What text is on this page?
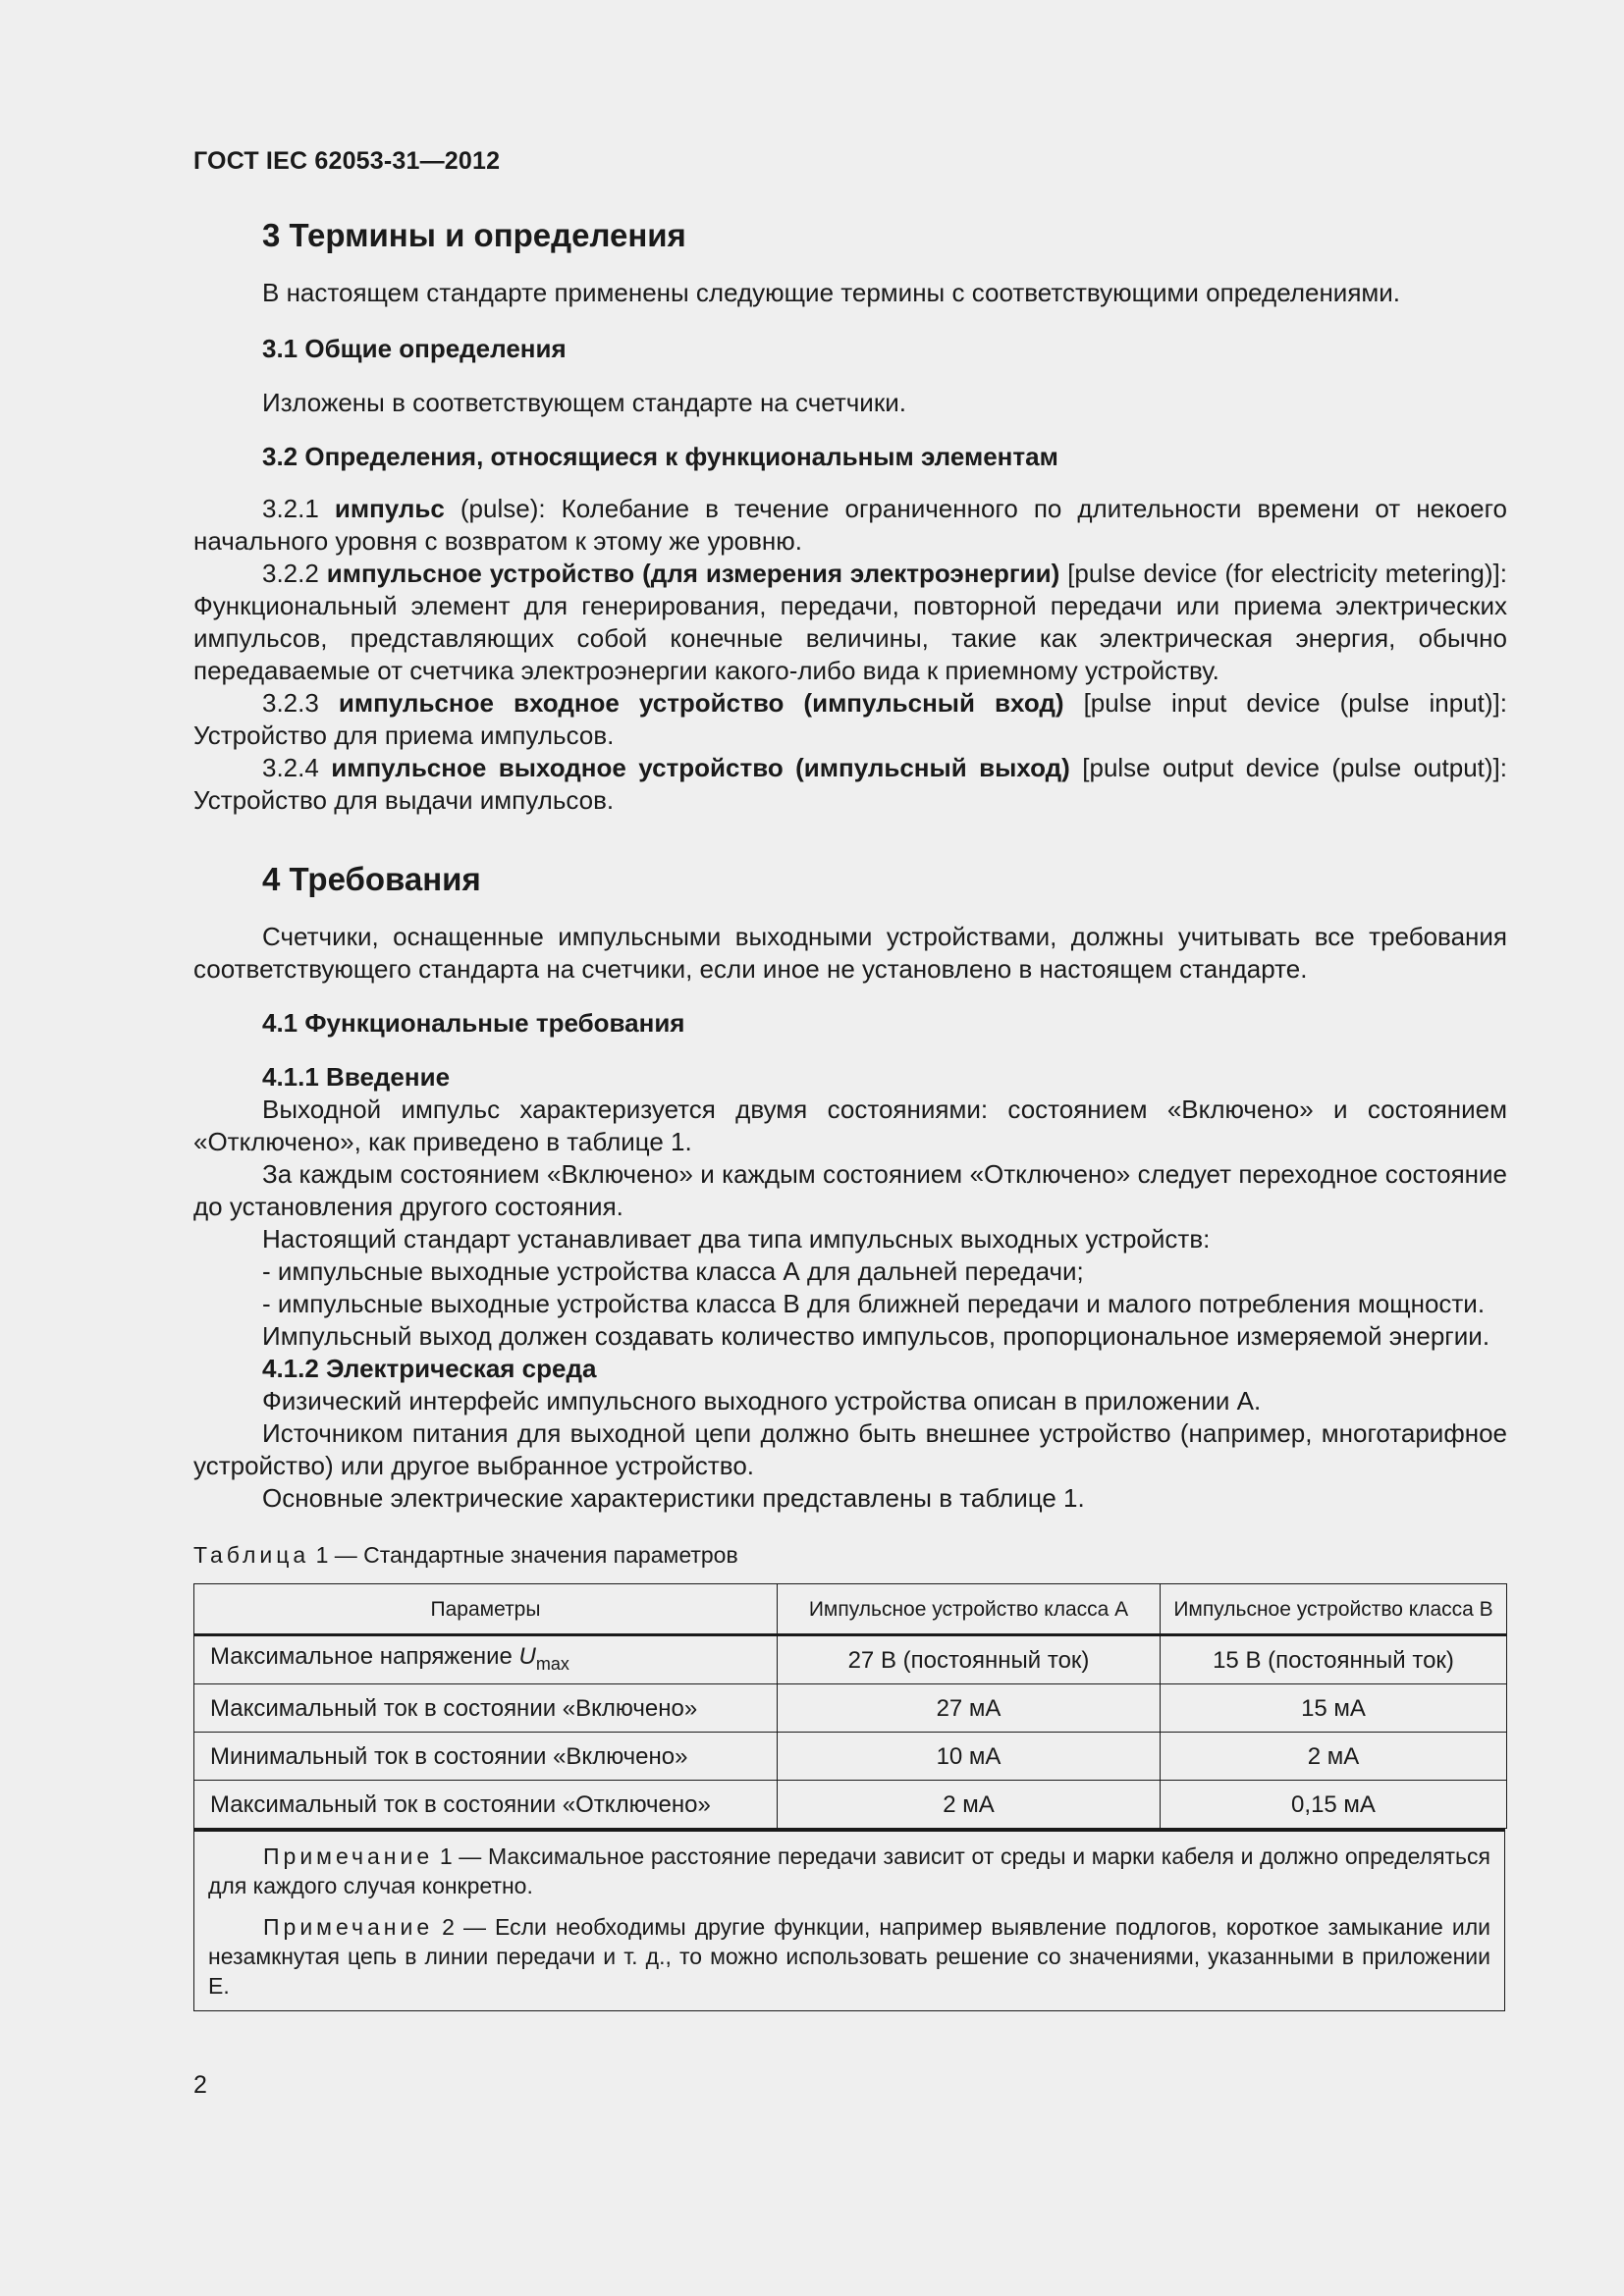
ГОСТ IEC 62053-31—2012

3 Термины и определения

В настоящем стандарте применены следующие термины с соответствующими определениями.

3.1 Общие определения

Изложены в соответствующем стандарте на счетчики.

3.2 Определения, относящиеся к функциональным элементам

3.2.1 импульс (pulse): Колебание в течение ограниченного по длительности времени от некоего начального уровня с возвратом к этому же уровню.

3.2.2 импульсное устройство (для измерения электроэнергии) [pulse device (for electricity metering)]: Функциональный элемент для генерирования, передачи, повторной передачи или приема электрических импульсов, представляющих собой конечные величины, такие как электрическая энергия, обычно передаваемые от счетчика электроэнергии какого-либо вида к приемному устройству.

3.2.3 импульсное входное устройство (импульсный вход) [pulse input device (pulse input)]: Устройство для приема импульсов.

3.2.4 импульсное выходное устройство (импульсный выход) [pulse output device (pulse output)]: Устройство для выдачи импульсов.

4 Требования

Счетчики, оснащенные импульсными выходными устройствами, должны учитывать все требования соответствующего стандарта на счетчики, если иное не установлено в настоящем стандарте.

4.1 Функциональные требования

4.1.1 Введение

Выходной импульс характеризуется двумя состояниями: состоянием «Включено» и состоянием «Отключено», как приведено в таблице 1.

За каждым состоянием «Включено» и каждым состоянием «Отключено» следует переходное состояние до установления другого состояния.

Настоящий стандарт устанавливает два типа импульсных выходных устройств:

- импульсные выходные устройства класса А для дальней передачи;

- импульсные выходные устройства класса В для ближней передачи и малого потребления мощности.

Импульсный выход должен создавать количество импульсов, пропорциональное измеряемой энергии.

4.1.2 Электрическая среда

Физический интерфейс импульсного выходного устройства описан в приложении А.

Источником питания для выходной цепи должно быть внешнее устройство (например, многотарифное устройство) или другое выбранное устройство.

Основные электрические характеристики представлены в таблице 1.

Таблица 1 — Стандартные значения параметров

Параметры	Импульсное устройство класса А	Импульсное устройство класса В
Максимальное напряжение $U_{max}$	27 В (постоянный ток)	15 В (постоянный ток)
Максимальный ток в состоянии «Включено»	27 мА	15 мА
Минимальный ток в состоянии «Включено»	10 мА	2 мА
Максимальный ток в состоянии «Отключено»	2 мА	0,15 мА

Примечание 1 — Максимальное расстояние передачи зависит от среды и марки кабеля и должно определяться для каждого случая конкретно.

Примечание 2 — Если необходимы другие функции, например выявление подлогов, короткое замыкание или незамкнутая цепь в линии передачи и т. д., то можно использовать решение со значениями, указанными в приложении Е.

2
